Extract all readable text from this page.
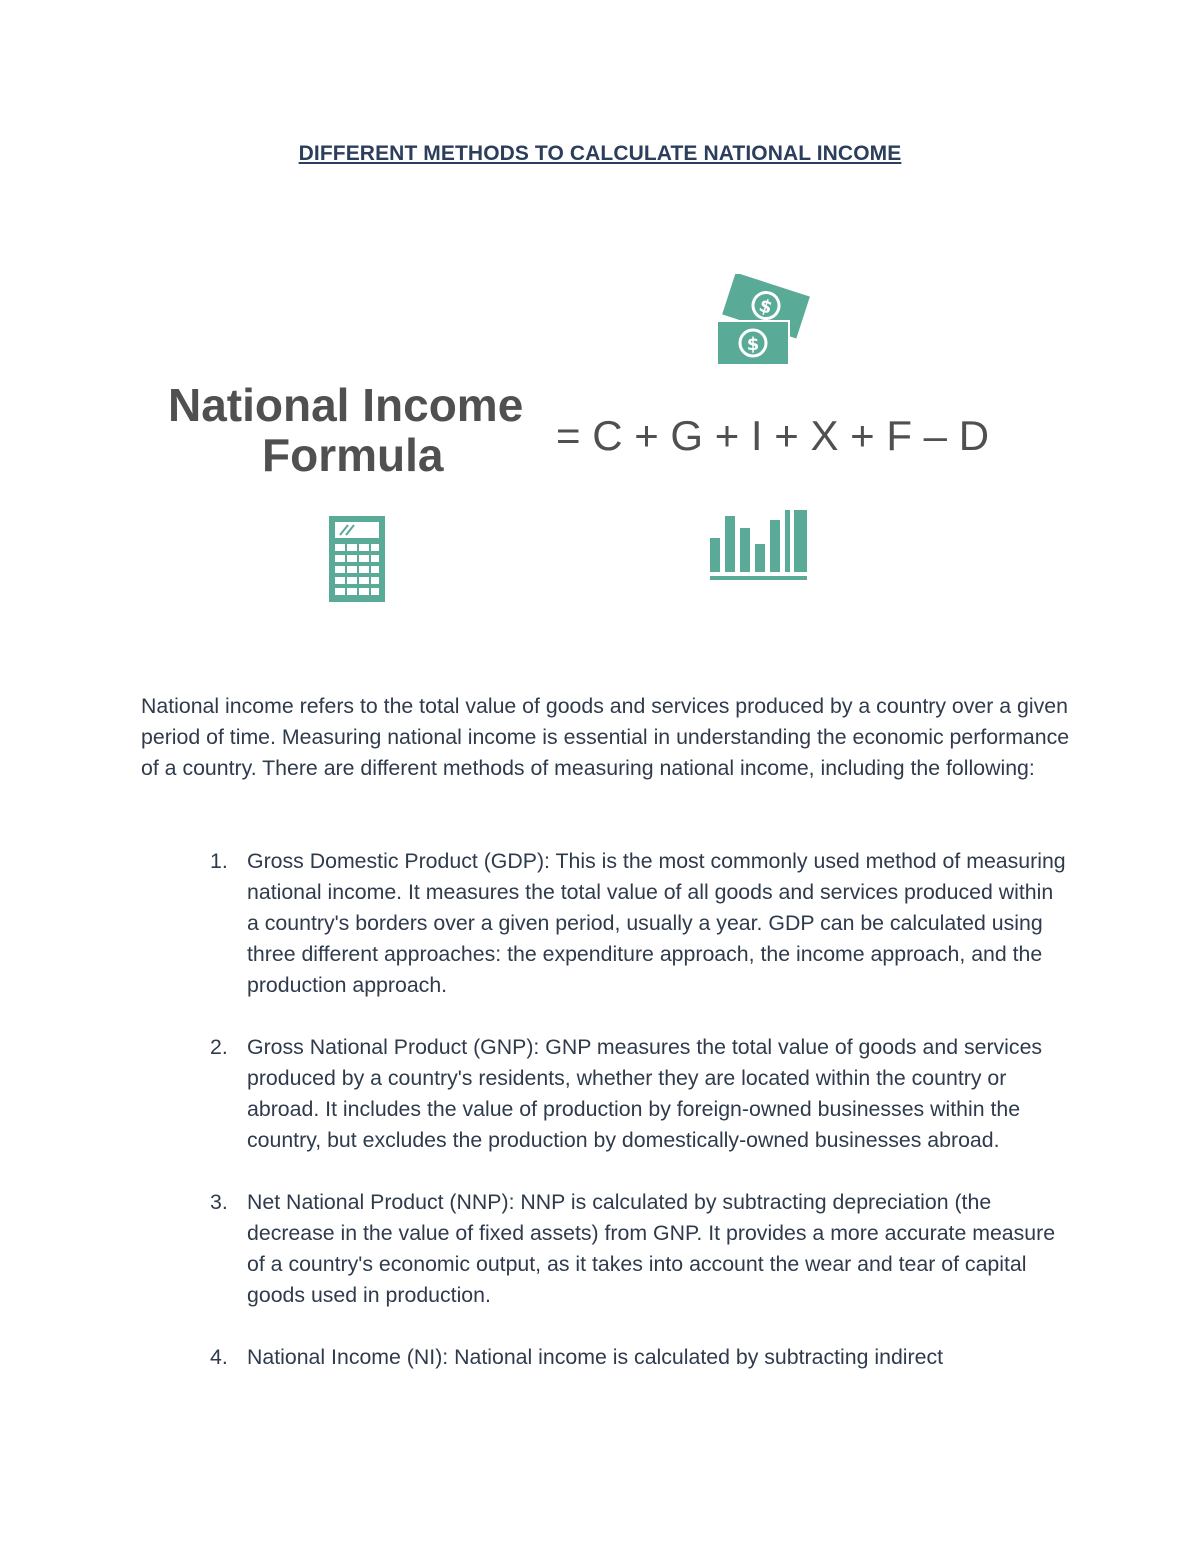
DIFFERENT METHODS TO CALCULATE NATIONAL INCOME
$
$
National Income
Formula	= C + G + I + X + F – D

National income refers to the total value of goods and services produced by a country over a given period of time. Measuring national income is essential in understanding the economic performance of a country. There are different methods of measuring national income, including the following:

1. Gross Domestic Product (GDP): This is the most commonly used method of measuring national income. It measures the total value of all goods and services produced within a country's borders over a given period, usually a year. GDP can be calculated using three different approaches: the expenditure approach, the income approach, and the production approach.
2. Gross National Product (GNP): GNP measures the total value of goods and services produced by a country's residents, whether they are located within the country or abroad. It includes the value of production by foreign-owned businesses within the country, but excludes the production by domestically-owned businesses abroad.
3. Net National Product (NNP): NNP is calculated by subtracting depreciation (the decrease in the value of fixed assets) from GNP. It provides a more accurate measure of a country's economic output, as it takes into account the wear and tear of capital goods used in production.
4. National Income (NI): National income is calculated by subtracting indirect
